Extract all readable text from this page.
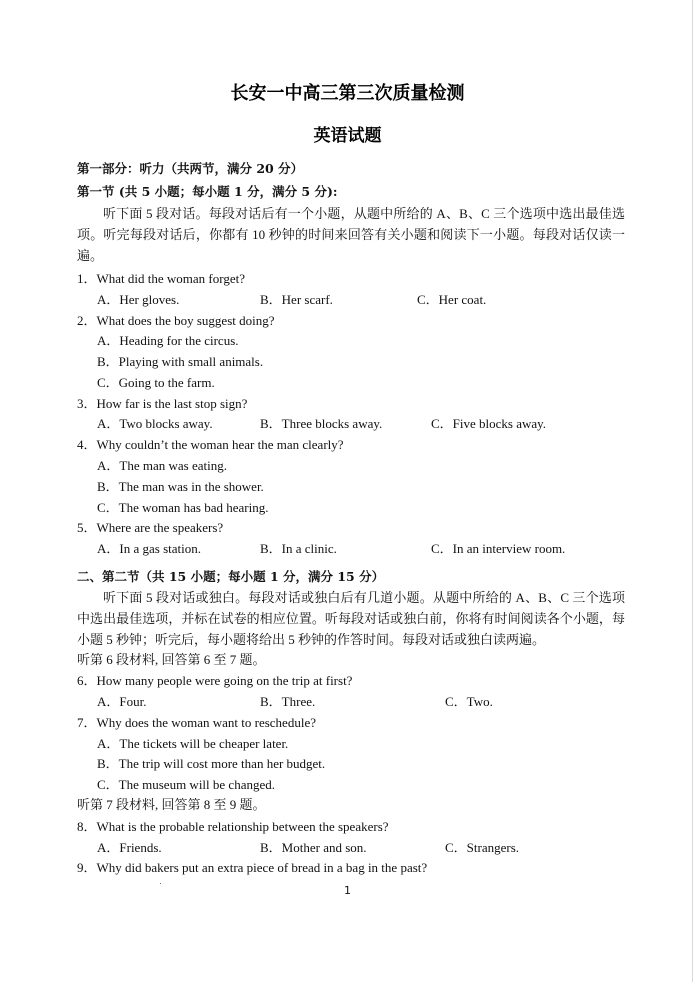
长安一中高三第三次质量检测
英语试题
第一部分：听力（共两节，满分 20 分）
第一节 (共 5 小题；每小题 1 分，满分 5 分):
听下面 5 段对话。每段对话后有一个小题，从题中所给的 A、B、C 三个选项中选出最佳选项。听完每段对话后，你都有 10 秒钟的时间来回答有关小题和阅读下一小题。每段对话仅读一遍。
1．What did the woman forget?
A．Her gloves.	B．Her scarf.	C．Her coat.
2．What does the boy suggest doing?
A．Heading for the circus.
B．Playing with small animals.
C．Going to the farm.
3．How far is the last stop sign?
A．Two blocks away.	B．Three blocks away.	C．Five blocks away.
4．Why couldn’t the woman hear the man clearly?
A．The man was eating.
B．The man was in the shower.
C．The woman has bad hearing.
5．Where are the speakers?
A．In a gas station.	B．In a clinic.	C．In an interview room.
二、第二节（共 15 小题；每小题 1 分，满分 15 分）
听下面 5 段对话或独白。每段对话或独白后有几道小题。从题中所给的 A、B、C 三个选项中选出最佳选项，并标在试卷的相应位置。听每段对话或独白前，你将有时间阅读各个小题，每小题 5 秒钟；听完后，每小题将给出 5 秒钟的作答时间。每段对话或独白读两遍。
听第 6 段材料, 回答第 6 至 7 题。
6．How many people were going on the trip at first?
A．Four.	B．Three.	C．Two.
7．Why does the woman want to reschedule?
A．The tickets will be cheaper later.
B．The trip will cost more than her budget.
C．The museum will be changed.
听第 7 段材料, 回答第 8 至 9 题。
8．What is the probable relationship between the speakers?
A．Friends.	B．Mother and son.	C．Strangers.
9．Why did bakers put an extra piece of bread in a bag in the past?
1
